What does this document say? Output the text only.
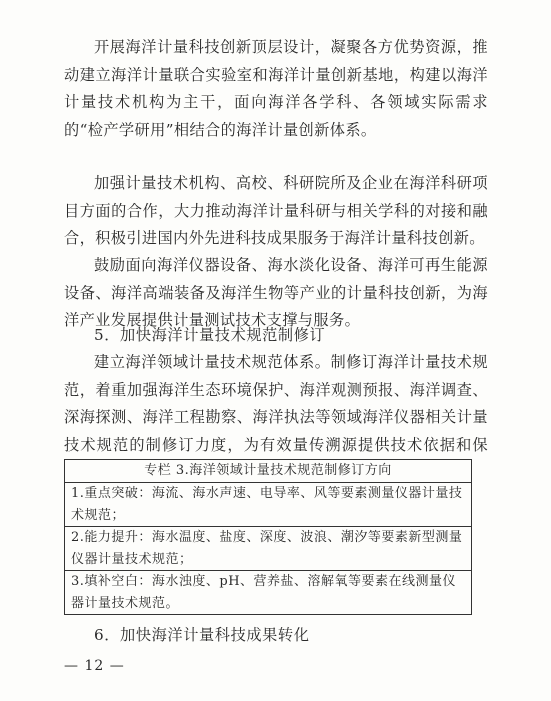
开展海洋计量科技创新顶层设计，凝聚各方优势资源，推动建立海洋计量联合实验室和海洋计量创新基地，构建以海洋计量技术机构为主干，面向海洋各学科、各领域实际需求的“检产学研用”相结合的海洋计量创新体系。

加强计量技术机构、高校、科研院所及企业在海洋科研项目方面的合作，大力推动海洋计量科研与相关学科的对接和融合，积极引进国内外先进科技成果服务于海洋计量科技创新。

鼓励面向海洋仪器设备、海水淡化设备、海洋可再生能源设备、海洋高端装备及海洋生物等产业的计量科技创新，为海洋产业发展提供计量测试技术支撑与服务。

5．加快海洋计量技术规范制修订

建立海洋领域计量技术规范体系。制修订海洋计量技术规范，着重加强海洋生态环境保护、海洋观测预报、海洋调查、深海探测、海洋工程勘察、海洋执法等领域海洋仪器相关计量技术规范的制修订力度，为有效量传溯源提供技术依据和保

专栏 3.海洋领域计量技术规范制修订方向
1.重点突破：海流、海水声速、电导率、风等要素测量仪器计量技术规范；
2.能力提升：海水温度、盐度、深度、波浪、潮汐等要素新型测量仪器计量技术规范；
3.填补空白：海水浊度、pH、营养盐、溶解氧等要素在线测量仪器计量技术规范。

6．加快海洋计量科技成果转化

— 12 —
